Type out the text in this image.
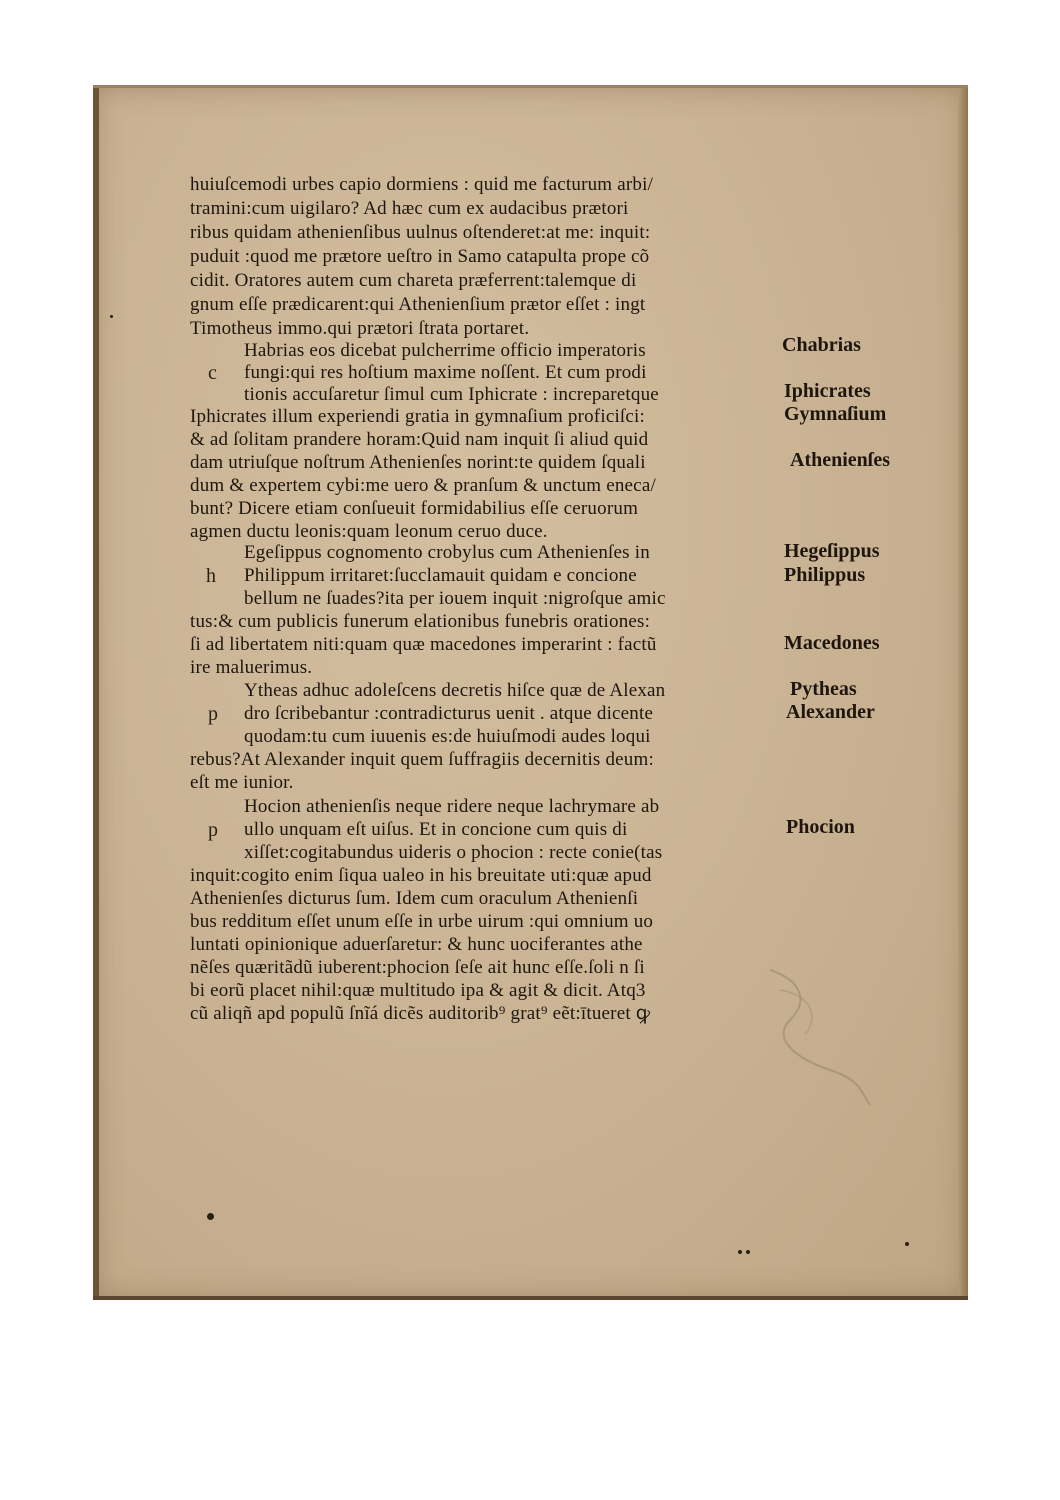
huiuſcemodi urbes capio dormiens : quid me facturum arbi/
tramini:cum uigilaro? Ad hæc cum ex audacibus prætori
ribus quidam athenienſibus uulnus oſtenderet:at me: inquit:
puduit :quod me prætore ueſtro in Samo catapulta prope cõ
cidit. Oratores autem cum chareta præferrent:talemque di
gnum eſſe prædicarent:qui Athenienſium prætor eſſet : ingt
Timotheus immo.qui prætori ſtrata portaret.
Habrias eos dicebat pulcherrime officio imperatoris
fungi:qui res hoſtium maxime noſſent. Et cum prodi
tionis accuſaretur ſimul cum Iphicrate : increparetque
Iphicrates illum experiendi gratia in gymnaſium proficiſci:
& ad ſolitam prandere horam:Quid nam inquit ſi aliud quid
dam utriuſque noſtrum Athenienſes norint:te quidem ſquali
dum & expertem cybi:me uero & pranſum & unctum eneca/
bunt? Dicere etiam conſueuit formidabilius eſſe ceruorum
agmen ductu leonis:quam leonum ceruo duce.
Egeſippus cognomento crobylus cum Athenienſes in
Philippum irritaret:ſucclamauit quidam e concione
bellum ne ſuades?ita per iouem inquit :nigroſque amic
tus:& cum publicis funerum elationibus funebris orationes:
ſi ad libertatem niti:quam quæ macedones imperarint : factũ
ire maluerimus.
Ytheas adhuc adoleſcens decretis hiſce quæ de Alexan
dro ſcribebantur :contradicturus uenit . atque dicente
quodam:tu cum iuuenis es:de huiuſmodi audes loqui
rebus?At Alexander inquit quem ſuffragiis decernitis deum:
eſt me iunior.
Hocion athenienſis neque ridere neque lachrymare ab
ullo unquam eſt uiſus. Et in concione cum quis di
xiſſet:cogitabundus uideris o phocion : recte conie(tas
inquit:cogito enim ſiqua ualeo in his breuitate uti:quæ apud
Athenienſes dicturus ſum. Idem cum oraculum Athenienſi
bus redditum eſſet unum eſſe in urbe uirum :qui omnium uo
luntati opinionique aduerſaretur: & hunc uociferantes athe
nẽſes quæritãdũ iuberent:phocion ſeſe ait hunc eſſe.ſoli n ſi
bi eorũ placet nihil:quæ multitudo ipa & agit & dicit. Atq3
cũ aliqñ apd populũ ſnĩá dicẽs auditorib⁹ grat⁹ eẽt:ītueret ꝙ
c
h
p
p
Chabrias
Iphicrates
Gymnaſium
Athenienſes
Hegeſippus
Philippus
Macedones
Pytheas
Alexander
Phocion
